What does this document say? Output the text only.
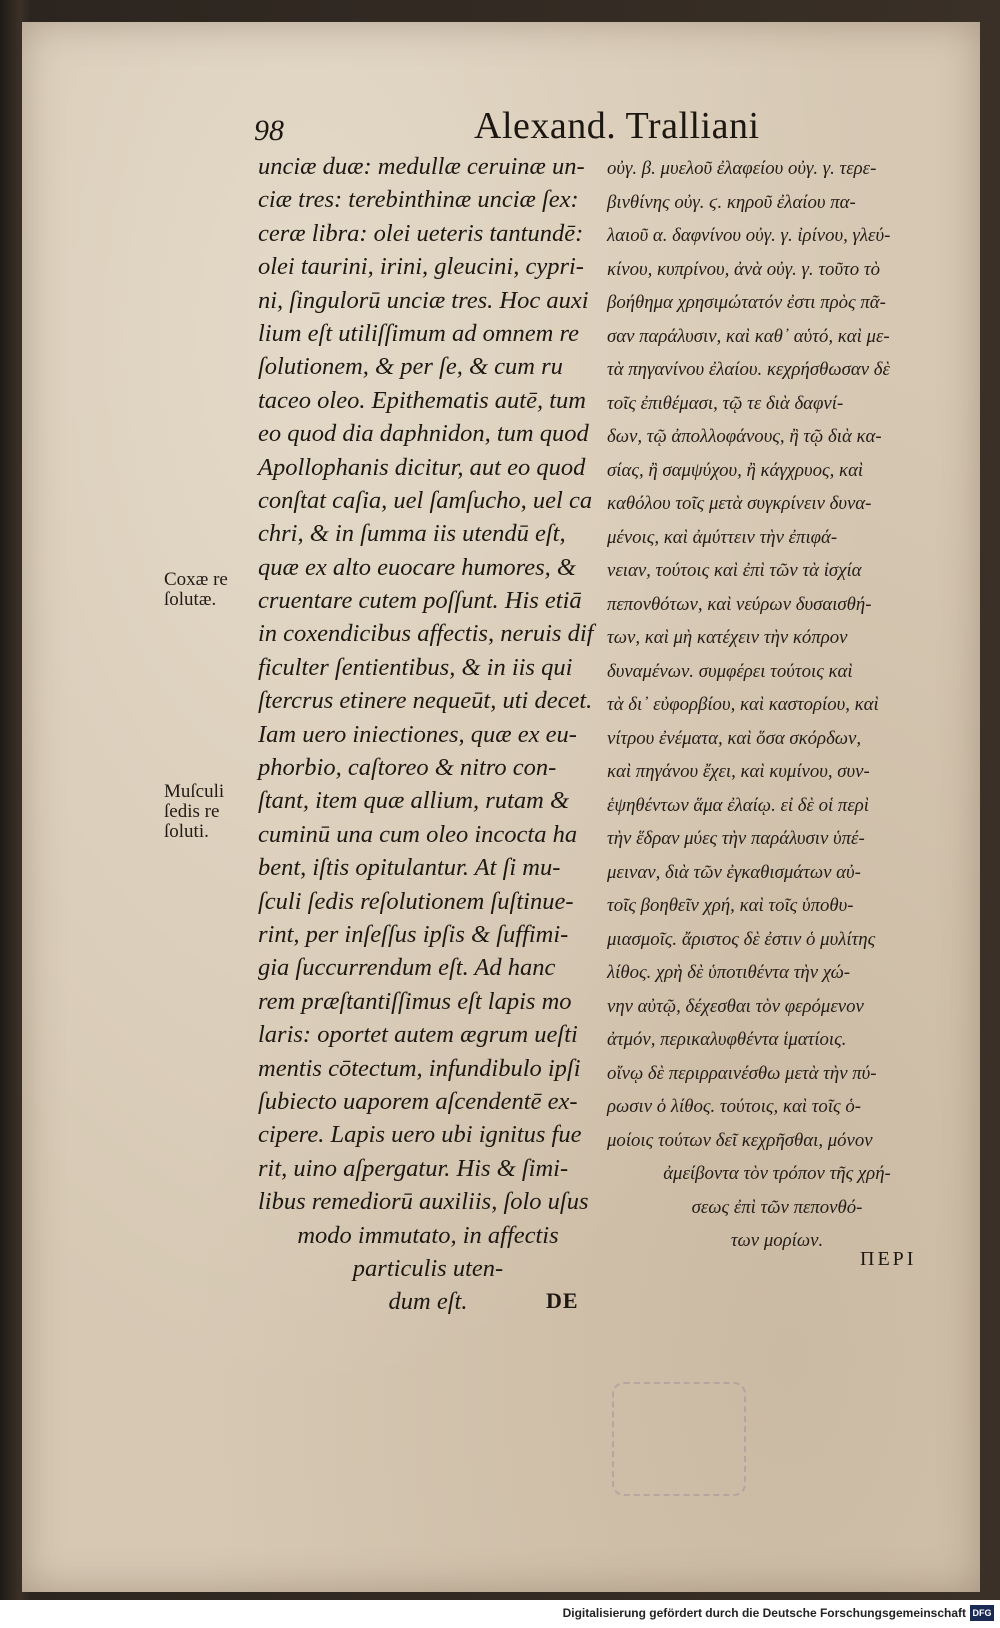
98	Alexand. Tralliani
unciæ duæ: medullæ ceruinæ un-
ciæ tres: terebinthinæ unciæ ſex:
ceræ libra: olei ueteris tantundē:
olei taurini, irini, gleucini, cypri-
ni, ſingulorū unciæ tres. Hoc auxi
lium eſt utiliſſimum ad omnem re
ſolutionem, & per ſe, & cum ru
taceo oleo. Epithematis autē, tum
eo quod dia daphnidon, tum quod
Apollophanis dicitur, aut eo quod
conſtat caſia, uel ſamſucho, uel ca
chri, & in ſumma iis utendū eſt,
quæ ex alto euocare humores, &
cruentare cutem poſſunt. His etiā
in coxendicibus affectis, neruis dif
ficulter ſentientibus, & in iis qui
ſtercrus etinere nequeūt, uti decet.
Iam uero iniectiones, quæ ex eu-
phorbio, caſtoreo & nitro con-
ſtant, item quæ allium, rutam &
cuminū una cum oleo incocta ha
bent, iſtis opitulantur. At ſi mu-
ſculi ſedis reſolutionem ſuſtinue-
rint, per inſeſſus ipſis & ſuffimi-
gia ſuccurrendum eſt. Ad hanc
rem præſtantiſſimus eſt lapis mo
laris: oportet autem ægrum ueſti
mentis cōtectum, infundibulo ipſi
ſubiecto uaporem aſcendentē ex-
cipere. Lapis uero ubi ignitus fue
rit, uino aſpergatur. His & ſimi-
libus remediorū auxiliis, ſolo uſus
modo immutato, in affectis
particulis uten-
dum eſt.
οὐγ. β. μυελοῦ ἐλαφείου οὐγ. γ. τερε-
βινθίνης οὐγ. ϛ. κηροῦ ἐλαίου πα-
λαιοῦ α. δαφνίνου οὐγ. γ. ἰρίνου, γλεύ-
κίνου, κυπρίνου, ἀνὰ οὐγ. γ. τοῦτο τὸ
βοήθημα χρησιμώτατόν ἐστι πρὸς πᾶ-
σαν παράλυσιν, καὶ καθ᾽ αὑτό, καὶ με-
τὰ πηγανίνου ἐλαίου. κεχρήσθωσαν δὲ
τοῖς ἐπιθέμασι, τῷ τε διὰ δαφνί-
δων, τῷ ἀπολλοφάνους, ἢ τῷ διὰ κα-
σίας, ἢ σαμψύχου, ἢ κάγχρυος, καὶ
καθόλου τοῖς μετὰ συγκρίνειν δυνα-
μένοις, καὶ ἀμύττειν τὴν ἐπιφά-
νειαν, τούτοις καὶ ἐπὶ τῶν τὰ ἰσχία
πεπονθότων, καὶ νεύρων δυσαισθή-
των, καὶ μὴ κατέχειν τὴν κόπρον
δυναμένων. συμφέρει τούτοις καὶ
τὰ δι᾽ εὐφορβίου, καὶ καστορίου, καὶ
νίτρου ἐνέματα, καὶ ὅσα σκόρδων,
καὶ πηγάνου ἔχει, καὶ κυμίνου, συν-
ἑψηθέντων ἅμα ἐλαίῳ. εἰ δὲ οἱ περὶ
τὴν ἕδραν μύες τὴν παράλυσιν ὑπέ-
μειναν, διὰ τῶν ἐγκαθισμάτων αὐ-
τοῖς βοηθεῖν χρή, καὶ τοῖς ὑποθυ-
μιασμοῖς. ἄριστος δὲ ἐστιν ὁ μυλίτης
λίθος. χρὴ δὲ ὑποτιθέντα τὴν χώ-
νην αὐτῷ, δέχεσθαι τὸν φερόμενον
ἀτμόν, περικαλυφθέντα ἱματίοις.
οἴνῳ δὲ περιρραινέσθω μετὰ τὴν πύ-
ρωσιν ὁ λίθος. τούτοις, καὶ τοῖς ὁ-
μοίοις τούτων δεῖ κεχρῆσθαι, μόνον
ἀμείβοντα τὸν τρόπον τῆς χρή-
σεως ἐπὶ τῶν πεπονθό-
των μορίων.
Coxæ re ſolutæ.
Muſculi ſedis re ſoluti.
DE
ΠΕΡΙ
Digitalisierung gefördert durch die Deutsche Forschungsgemeinschaft DFG
